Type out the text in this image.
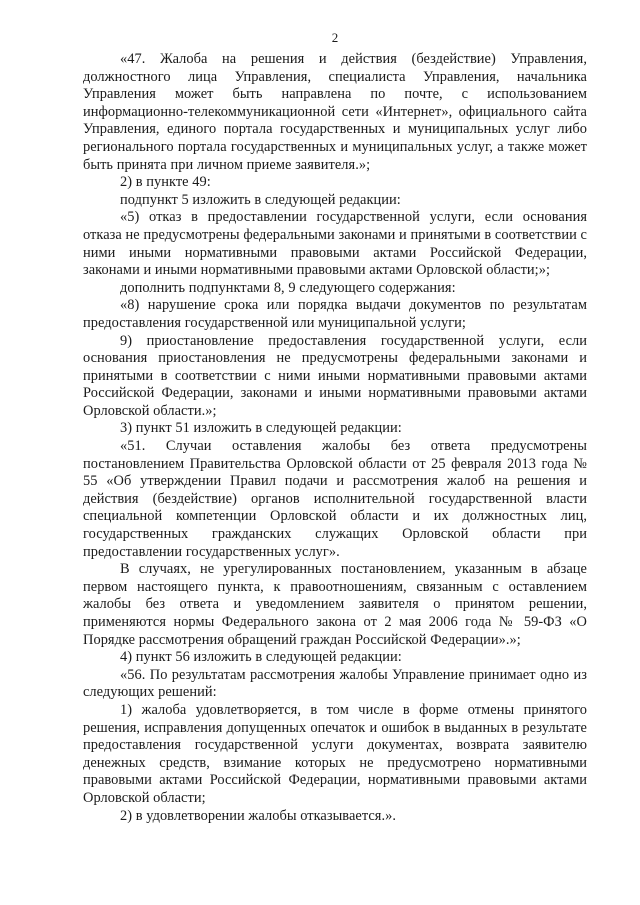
2

«47. Жалоба на решения и действия (бездействие) Управления, должностного лица Управления, специалиста Управления, начальника Управления может быть направлена по почте, с использованием информационно-телекоммуникационной сети «Интернет», официального сайта Управления, единого портала государственных и муниципальных услуг либо регионального портала государственных и муниципальных услуг, а также может быть принята при личном приеме заявителя.»;

2) в пункте 49:

подпункт 5 изложить в следующей редакции:

«5) отказ в предоставлении государственной услуги, если основания отказа не предусмотрены федеральными законами и принятыми в соответствии с ними иными нормативными правовыми актами Российской Федерации, законами и иными нормативными правовыми актами Орловской области;»;

дополнить подпунктами 8, 9 следующего содержания:

«8) нарушение срока или порядка выдачи документов по результатам предоставления государственной или муниципальной услуги;

9) приостановление предоставления государственной услуги, если основания приостановления не предусмотрены федеральными законами и принятыми в соответствии с ними иными нормативными правовыми актами Российской Федерации, законами и иными нормативными правовыми актами Орловской области.»;

3) пункт 51 изложить в следующей редакции:

«51. Случаи оставления жалобы без ответа предусмотрены постановлением Правительства Орловской области от 25 февраля 2013 года № 55 «Об утверждении Правил подачи и рассмотрения жалоб на решения и действия (бездействие) органов исполнительной государственной власти специальной компетенции Орловской области и их должностных лиц, государственных гражданских служащих Орловской области при предоставлении государственных услуг».

В случаях, не урегулированных постановлением, указанным в абзаце первом настоящего пункта, к правоотношениям, связанным с оставлением жалобы без ответа и уведомлением заявителя о принятом решении, применяются нормы Федерального закона от 2 мая 2006 года № 59-ФЗ «О Порядке рассмотрения обращений граждан Российской Федерации».»;

4) пункт 56 изложить в следующей редакции:

«56. По результатам рассмотрения жалобы Управление принимает одно из следующих решений:

1) жалоба удовлетворяется, в том числе в форме отмены принятого решения, исправления допущенных опечаток и ошибок в выданных в результате предоставления государственной услуги документах, возврата заявителю денежных средств, взимание которых не предусмотрено нормативными правовыми актами Российской Федерации, нормативными правовыми актами Орловской области;

2) в удовлетворении жалобы отказывается.».
